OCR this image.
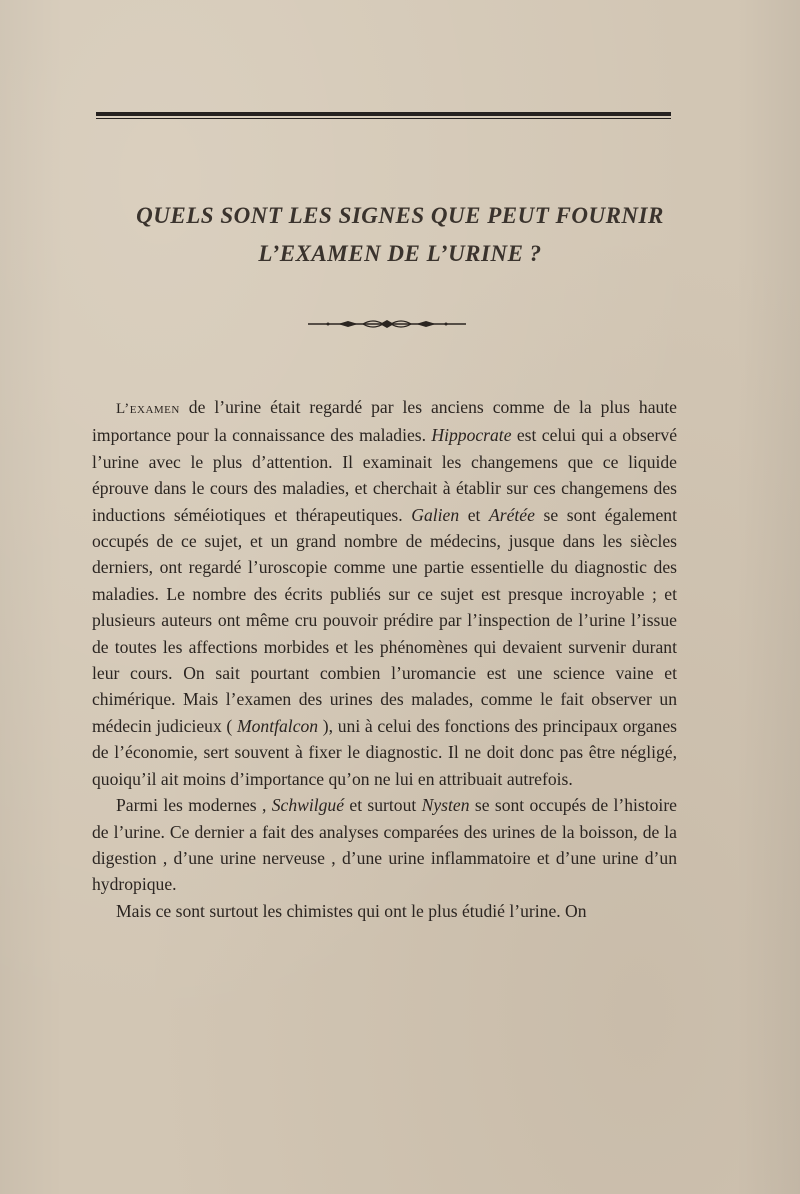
QUELS SONT LES SIGNES QUE PEUT FOURNIR
L’EXAMEN DE L’URINE ?

L’examen de l’urine était regardé par les anciens comme de la plus haute importance pour la connaissance des maladies. Hippocrate est celui qui a observé l’urine avec le plus d’attention. Il examinait les changemens que ce liquide éprouve dans le cours des maladies, et cherchait à établir sur ces changemens des inductions séméiotiques et thérapeutiques. Galien et Arétée se sont également occupés de ce sujet, et un grand nombre de médecins, jusque dans les siècles derniers, ont regardé l’uroscopie comme une partie essentielle du diagnostic des maladies. Le nombre des écrits publiés sur ce sujet est presque incroyable ; et plusieurs auteurs ont même cru pouvoir prédire par l’inspection de l’urine l’issue de toutes les affections morbides et les phénomènes qui devaient survenir durant leur cours. On sait pourtant combien l’uromancie est une science vaine et chimérique. Mais l’examen des urines des malades, comme le fait observer un médecin judicieux ( Montfalcon ), uni à celui des fonctions des principaux organes de l’économie, sert souvent à fixer le diagnostic. Il ne doit donc pas être négligé, quoiqu’il ait moins d’importance qu’on ne lui en attribuait autrefois.

Parmi les modernes , Schwilgué et surtout Nysten se sont occupés de l’histoire de l’urine. Ce dernier a fait des analyses comparées des urines de la boisson, de la digestion , d’une urine nerveuse , d’une urine inflammatoire et d’une urine d’un hydropique.

Mais ce sont surtout les chimistes qui ont le plus étudié l’urine. On
